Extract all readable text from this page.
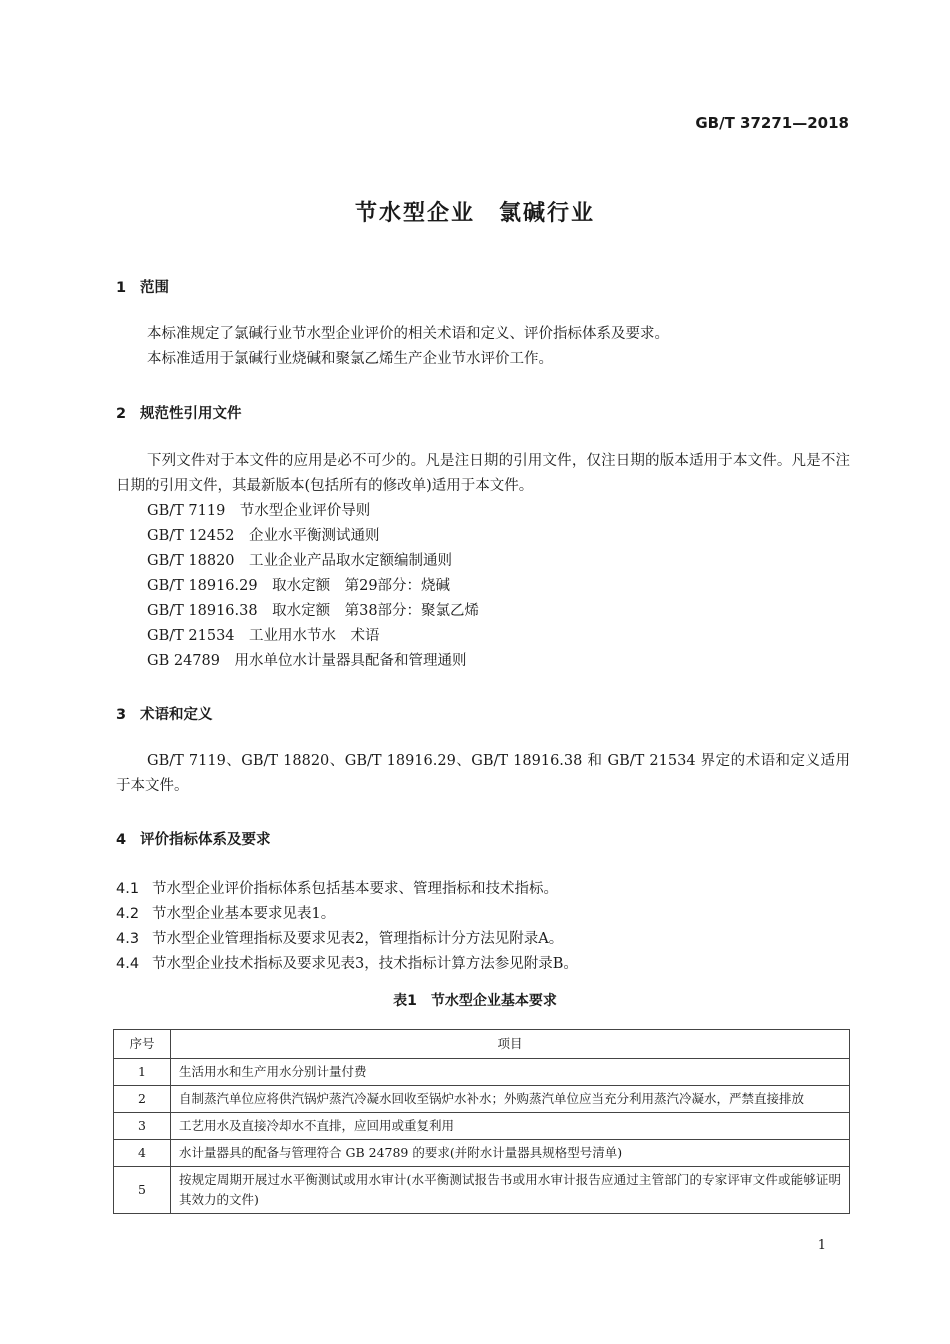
GB/T 37271—2018
节水型企业　氯碱行业
1 范围
本标准规定了氯碱行业节水型企业评价的相关术语和定义、评价指标体系及要求。
本标准适用于氯碱行业烧碱和聚氯乙烯生产企业节水评价工作。
2 规范性引用文件
下列文件对于本文件的应用是必不可少的。凡是注日期的引用文件，仅注日期的版本适用于本文件。凡是不注日期的引用文件，其最新版本(包括所有的修改单)适用于本文件。
GB/T 7119　节水型企业评价导则
GB/T 12452　企业水平衡测试通则
GB/T 18820　工业企业产品取水定额编制通则
GB/T 18916.29　取水定额　第29部分：烧碱
GB/T 18916.38　取水定额　第38部分：聚氯乙烯
GB/T 21534　工业用水节水　术语
GB 24789　用水单位水计量器具配备和管理通则
3 术语和定义
GB/T 7119、GB/T 18820、GB/T 18916.29、GB/T 18916.38 和 GB/T 21534 界定的术语和定义适用于本文件。
4 评价指标体系及要求
4.1 节水型企业评价指标体系包括基本要求、管理指标和技术指标。
4.2 节水型企业基本要求见表1。
4.3 节水型企业管理指标及要求见表2，管理指标计分方法见附录A。
4.4 节水型企业技术指标及要求见表3，技术指标计算方法参见附录B。
表1　节水型企业基本要求
序号	项目
1	生活用水和生产用水分别计量付费
2	自制蒸汽单位应将供汽锅炉蒸汽冷凝水回收至锅炉水补水；外购蒸汽单位应当充分利用蒸汽冷凝水，严禁直接排放
3	工艺用水及直接冷却水不直排，应回用或重复利用
4	水计量器具的配备与管理符合 GB 24789 的要求(并附水计量器具规格型号清单)
5	按规定周期开展过水平衡测试或用水审计(水平衡测试报告书或用水审计报告应通过主管部门的专家评审文件或能够证明其效力的文件)
1
